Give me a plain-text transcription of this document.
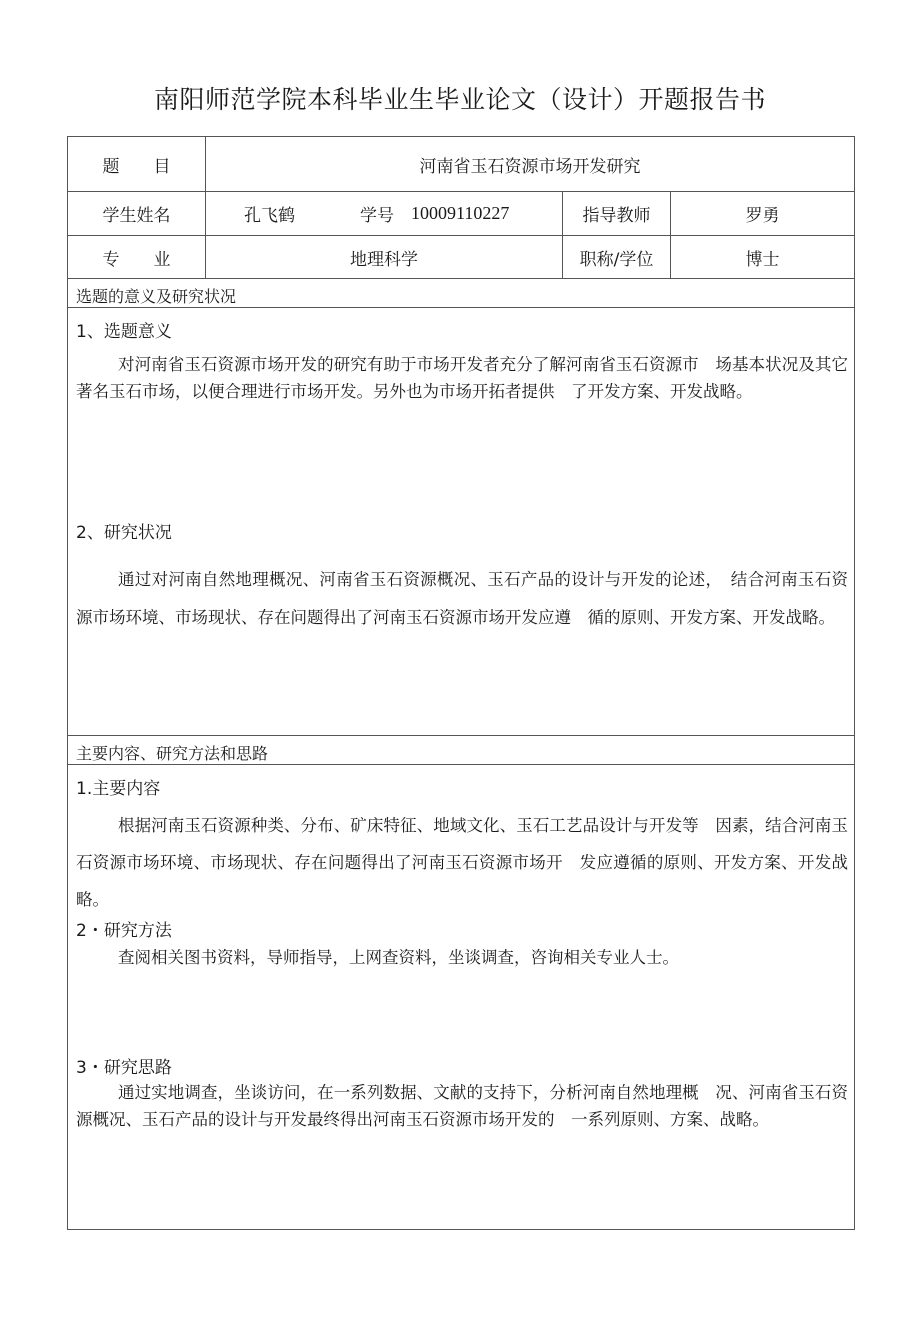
南阳师范学院本科毕业生毕业论文（设计）开题报告书
题　　目	河南省玉石资源市场开发研究
学生姓名	孔飞鹤	学号 10009110227	指导教师	罗勇
专　　业	地理科学	职称/学位	博士
选题的意义及研究状况
1、选题意义
对河南省玉石资源市场开发的研究有助于市场开发者充分了解河南省玉石资源市　场基本状况及其它著名玉石市场，以便合理进行市场开发。另外也为市场开拓者提供　了开发方案、开发战略。
2、研究状况
通过对河南自然地理概况、河南省玉石资源概况、玉石产品的设计与开发的论述，　结合河南玉石资源市场环境、市场现状、存在问题得出了河南玉石资源市场开发应遵　循的原则、开发方案、开发战略。
主要内容、研究方法和思路
1.主要内容
根据河南玉石资源种类、分布、矿床特征、地域文化、玉石工艺品设计与开发等　因素，结合河南玉石资源市场环境、市场现状、存在问题得出了河南玉石资源市场开　发应遵循的原则、开发方案、开发战略。
2・研究方法
查阅相关图书资料，导师指导，上网查资料，坐谈调查，咨询相关专业人士。
3・研究思路
通过实地调查，坐谈访问，在一系列数据、文献的支持下，分析河南自然地理概　况、河南省玉石资源概况、玉石产品的设计与开发最终得出河南玉石资源市场开发的　一系列原则、方案、战略。
